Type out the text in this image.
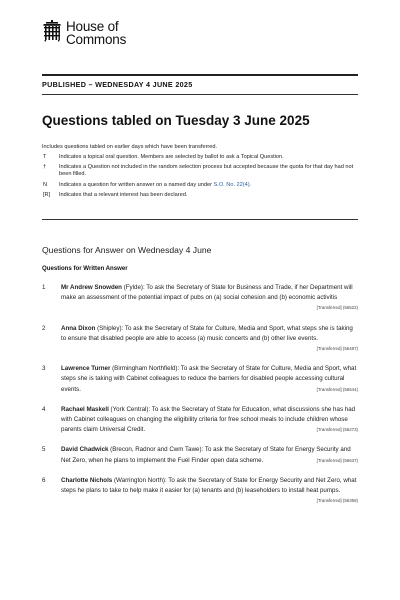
House of
Commons
PUBLISHED – WEDNESDAY 4 JUNE 2025
Questions tabled on Tuesday 3 June 2025
Includes questions tabled on earlier days which have been transferred.
T	Indicates a topical oral question. Members are selected by ballot to ask a Topical Question.
†	Indicates a Question not included in the random selection process but accepted because the quota for that day had not been filled.
N	Indicates a question for written answer on a named day under S.O. No. 22(4).
[R]	Indicates that a relevant interest has been declared.
Questions for Answer on Wednesday 4 June
Questions for Written Answer
1	Mr Andrew Snowden (Fylde): To ask the Secretary of State for Business and Trade, if her Department will make an assessment of the potential impact of pubs on (a) social cohesion and (b) economic activitis
[Transferred] (56522)
2	Anna Dixon (Shipley): To ask the Secretary of State for Culture, Media and Sport, what steps she is taking to ensure that disabled people are able to access (a) music concerts and (b) other live events.
[Transferred] (56487)
3	Lawrence Turner (Birmingham Northfield): To ask the Secretary of State for Culture, Media and Sport, what steps she is taking with Cabinet colleagues to reduce the barriers for disabled people accessing cultural events.	[Transferred] (56644)
4	Rachael Maskell (York Central): To ask the Secretary of State for Education, what discussions she has had with Cabinet colleagues on changing the eligibility criteria for free school meals to include children whose parents claim Universal Credit.	[Transferred] (56273)
5	David Chadwick (Brecon, Radnor and Cwm Tawe): To ask the Secretary of State for Energy Security and Net Zero, when he plans to implement the Fuel Finder open data scheme.	[Transferred] (56637)
6	Charlotte Nichols (Warrington North): To ask the Secretary of State for Energy Security and Net Zero, what steps he plans to take to help make it easier for (a) tenants and (b) leaseholders to install heat pumps.
[Transferred] (56358)
